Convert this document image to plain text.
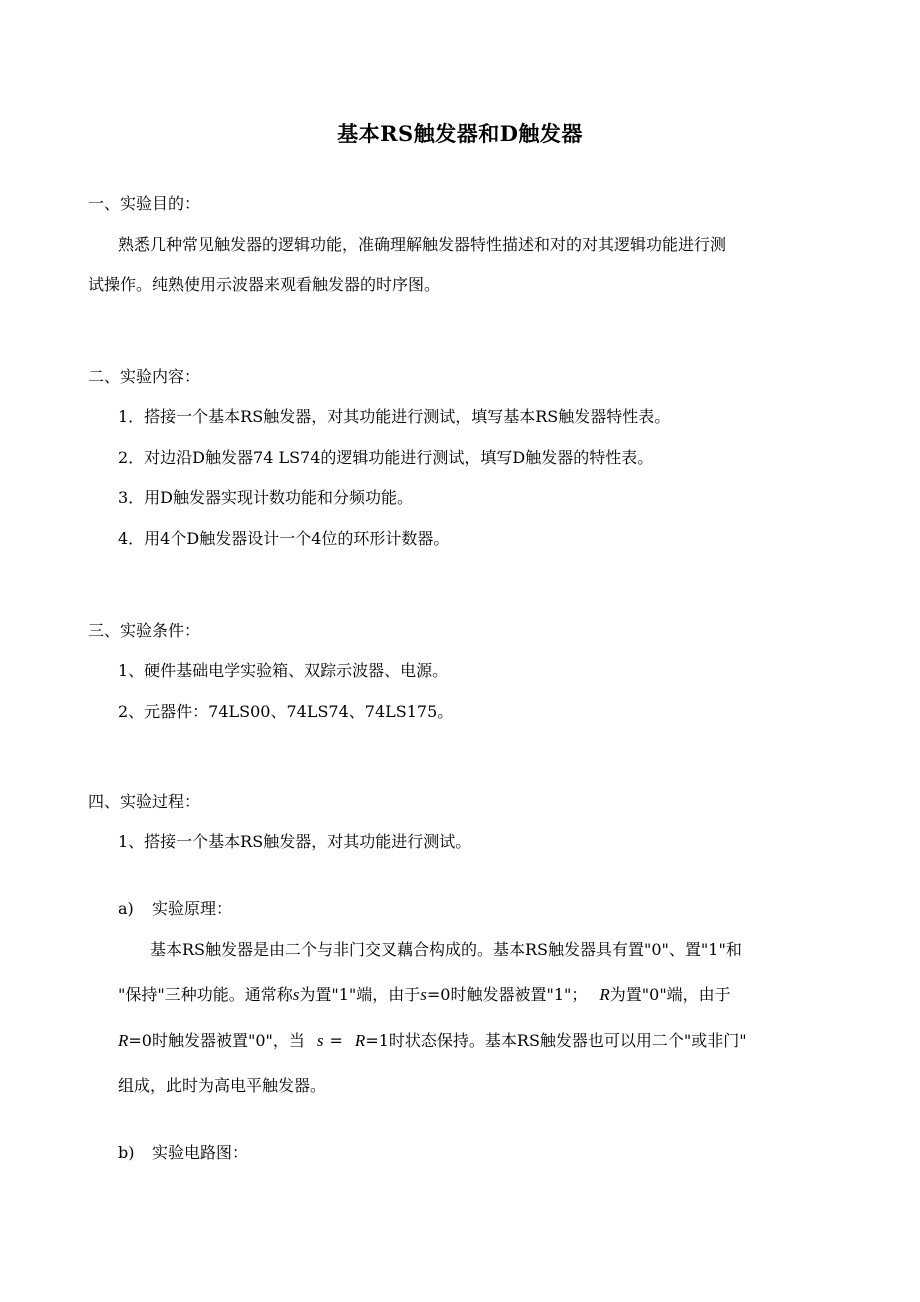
基本RS触发器和D触发器
一、实验目的：
熟悉几种常见触发器的逻辑功能，准确理解触发器特性描述和对的对其逻辑功能进行测
试操作。纯熟使用示波器来观看触发器的时序图。
二、实验内容：
1．搭接一个基本RS触发器，对其功能进行测试，填写基本RS触发器特性表。
2．对边沿D触发器74 LS74的逻辑功能进行测试，填写D触发器的特性表。
3．用D触发器实现计数功能和分频功能。
4．用4个D触发器设计一个4位的环形计数器。
三、实验条件：
1、硬件基础电学实验箱、双踪示波器、电源。
2、元器件：74LS00、74LS74、74LS175。
四、实验过程：
1、搭接一个基本RS触发器，对其功能进行测试。
a) 实验原理：
基本RS触发器是由二个与非门交叉藕合构成的。基本RS触发器具有置"0"、置"1"和
"保持"三种功能。通常称s为置"1"端，由于s=0时触发器被置"1"； R为置"0"端，由于
R=0时触发器被置"0"，当 s = R=1时状态保持。基本RS触发器也可以用二个"或非门"
组成，此时为高电平触发器。
b) 实验电路图：
